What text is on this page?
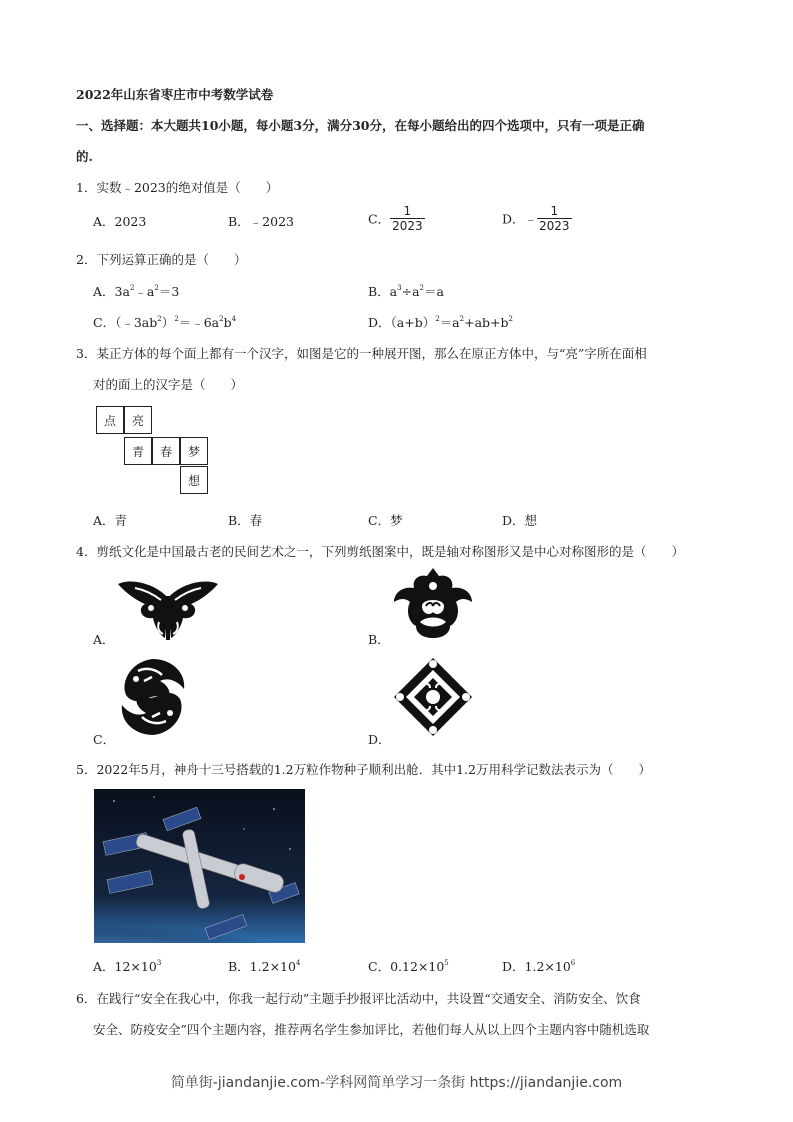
2022年山东省枣庄市中考数学试卷
一、选择题：本大题共10小题，每小题3分，满分30分，在每小题给出的四个选项中，只有一项是正确
的.
1．实数﹣2023的绝对值是（　　）
A．2023	B．﹣2023	C． $\frac{1}{2023}$	D．﹣ $\frac{1}{2023}$
2．下列运算正确的是（　　）
A．$3a^2﹣a^2=3$	B．$a^3\div a^2=a$
C．$(﹣3ab^2)^2=﹣6a^2b^4$	D．$(a+b)^2=a^2+ab+b^2$
3．某正方体的每个面上都有一个汉字，如图是它的一种展开图，那么在原正方体中，与“亮”字所在面相
对的面上的汉字是（　　）
点	亮
青	春	梦
想
A．青	B．春	C．梦	D．想
4．剪纸文化是中国最古老的民间艺术之一，下列剪纸图案中，既是轴对称图形又是中心对称图形的是（　　）
A．	B．
C．	D．
5．2022年5月，神舟十三号搭载的1.2万粒作物种子顺利出舱．其中1.2万用科学记数法表示为（　　）
A．$12\times 10^3$	B．$1.2\times 10^4$	C．$0.12\times 10^5$	D．$1.2\times 10^6$
6．在践行“安全在我心中，你我一起行动”主题手抄报评比活动中，共设置“交通安全、消防安全、饮食
安全、防疫安全”四个主题内容，推荐两名学生参加评比，若他们每人从以上四个主题内容中随机选取
简单街-jiandanjie.com-学科网简单学习一条街 https://jiandanjie.com
